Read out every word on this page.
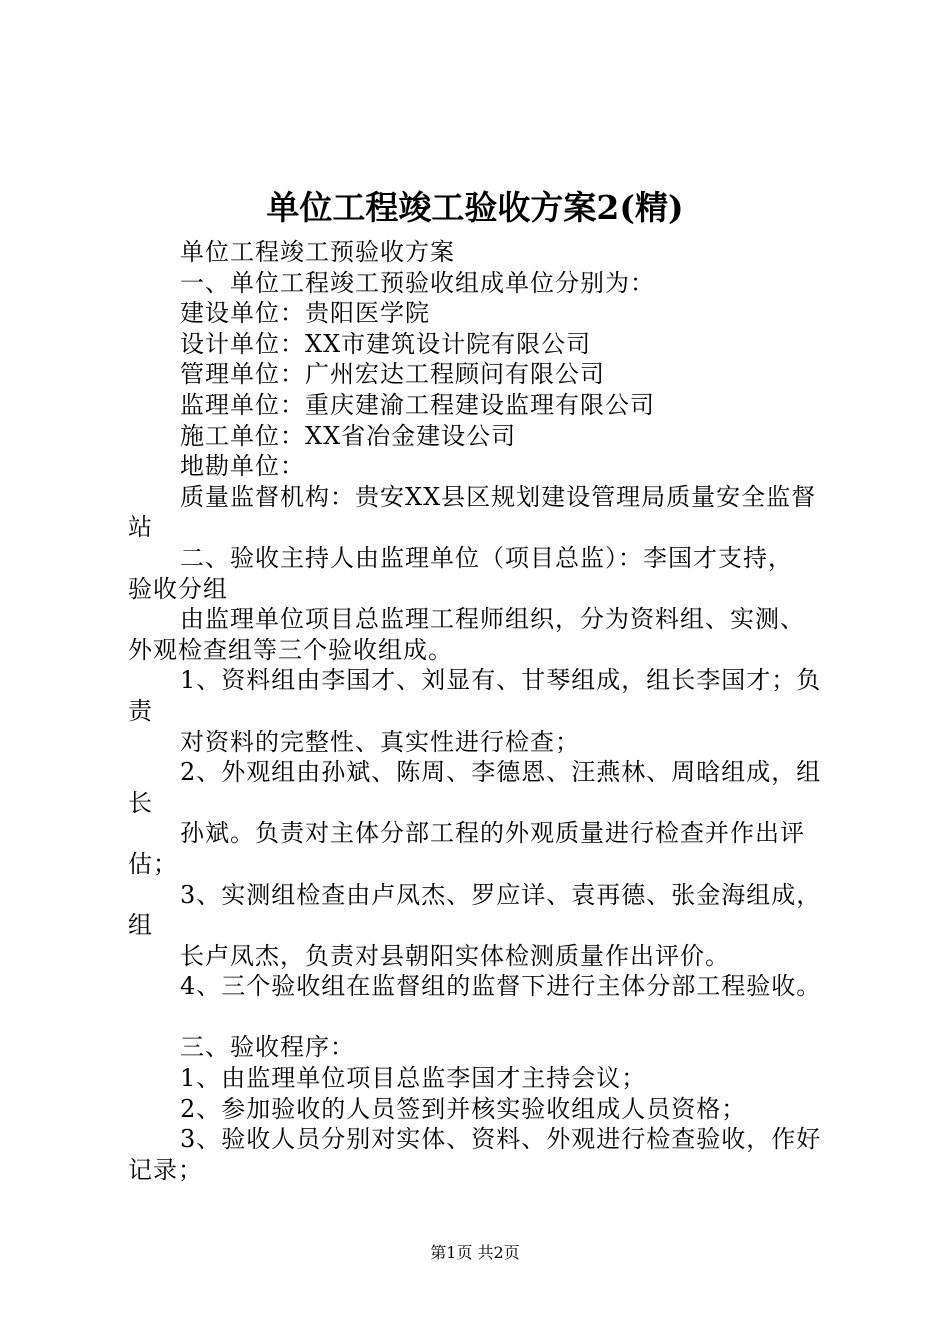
单位工程竣工验收方案2(精)
单位工程竣工预验收方案
一、单位工程竣工预验收组成单位分别为：
建设单位：贵阳医学院
设计单位：XX市建筑设计院有限公司
管理单位：广州宏达工程顾问有限公司
监理单位：重庆建渝工程建设监理有限公司
施工单位：XX省冶金建设公司
地勘单位：
质量监督机构：贵安XX县区规划建设管理局质量安全监督
站
二、验收主持人由监理单位（项目总监）：李国才支持，
验收分组
由监理单位项目总监理工程师组织，分为资料组、实测、
外观检查组等三个验收组成。
1、资料组由李国才、刘显有、甘琴组成，组长李国才；负
责
对资料的完整性、真实性进行检查；
2、外观组由孙斌、陈周、李德恩、汪燕林、周晗组成，组
长
孙斌。负责对主体分部工程的外观质量进行检查并作出评
估；
3、实测组检查由卢凤杰、罗应详、袁再德、张金海组成，
组
长卢凤杰，负责对县朝阳实体检测质量作出评价。
4、三个验收组在监督组的监督下进行主体分部工程验收。
三、验收程序：
1、由监理单位项目总监李国才主持会议；
2、参加验收的人员签到并核实验收组成人员资格；
3、验收人员分别对实体、资料、外观进行检查验收，作好
记录；
第1页 共2页
